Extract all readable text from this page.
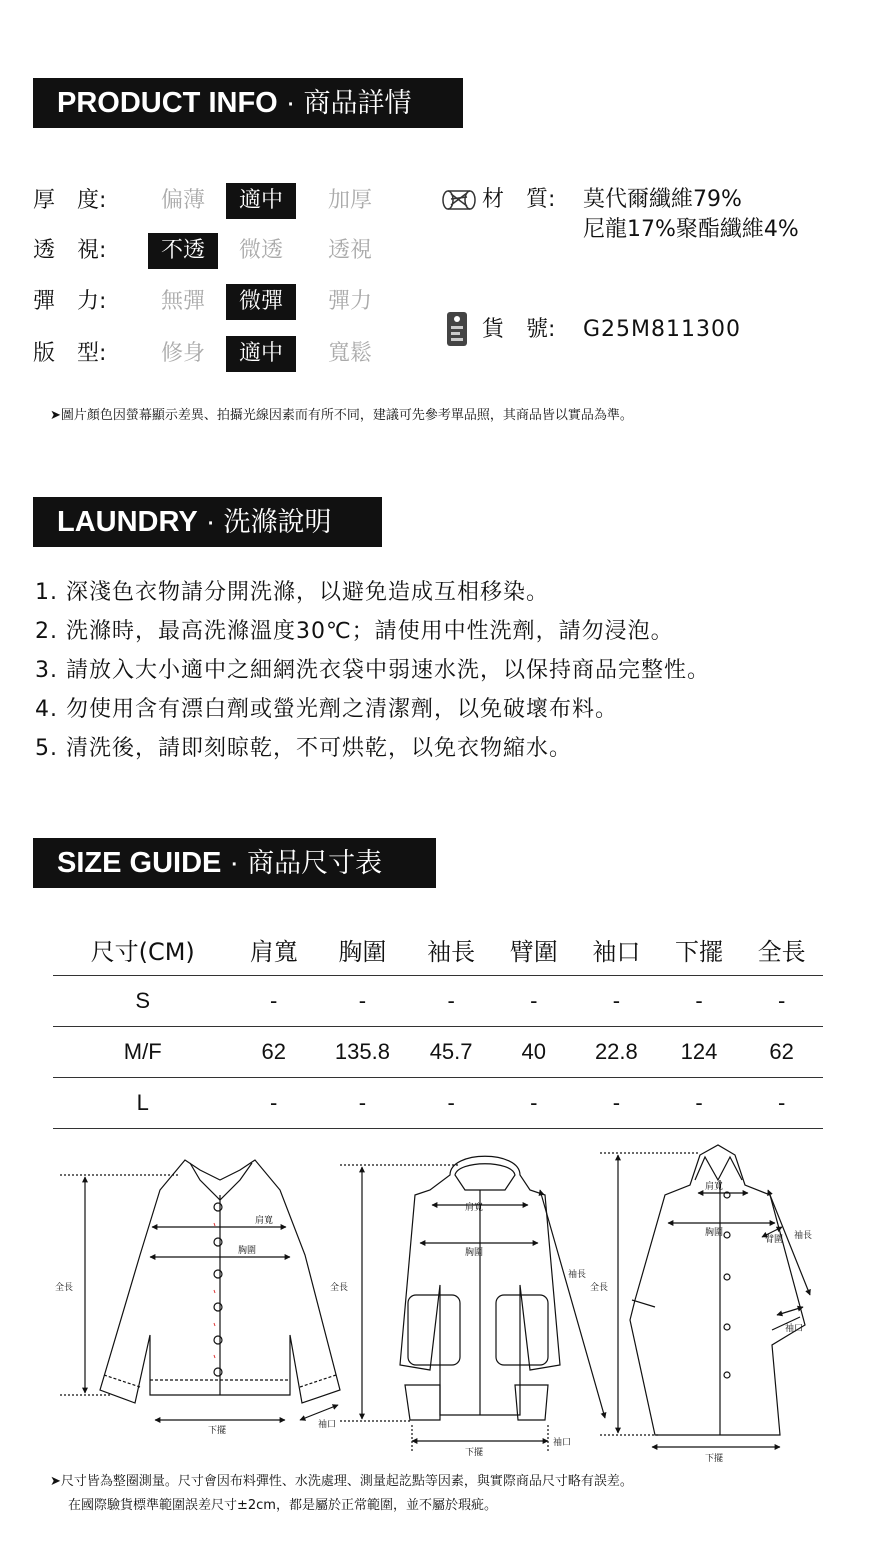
PRODUCT INFO · 商品詳情
厚　度:	偏薄	適中	加厚
透　視:	不透	微透	透視
彈　力:	無彈	微彈	彈力
版　型:	修身	適中	寬鬆
材　質: 莫代爾纖維79%
尼龍17%聚酯纖維4%
貨　號: G25M811300
➤圖片顏色因螢幕顯示差異、拍攝光線因素而有所不同，建議可先參考單品照，其商品皆以實品為準。
LAUNDRY · 洗滌說明
1. 深淺色衣物請分開洗滌，以避免造成互相移染。
2. 洗滌時，最高洗滌溫度30℃；請使用中性洗劑，請勿浸泡。
3. 請放入大小適中之細網洗衣袋中弱速水洗，以保持商品完整性。
4. 勿使用含有漂白劑或螢光劑之清潔劑，以免破壞布料。
5. 清洗後，請即刻晾乾，不可烘乾，以免衣物縮水。
SIZE GUIDE · 商品尺寸表
尺寸(CM)	肩寬	胸圍	袖長	臂圍	袖口	下擺	全長
S	-	-	-	-	-	-	-
M/F	62	135.8	45.7	40	22.8	124	62
L	-	-	-	-	-	-	-
肩寬
胸圍
全長
下擺
袖口
肩寬
胸圍
全長
袖長
下擺
袖口
肩寬
胸圍
臂圍 袖長
全長
袖口
下擺
➤尺寸皆為整圈測量。尺寸會因布料彈性、水洗處理、測量起訖點等因素，與實際商品尺寸略有誤差。
在國際驗貨標準範圍誤差尺寸±2cm，都是屬於正常範圍，並不屬於瑕疵。
